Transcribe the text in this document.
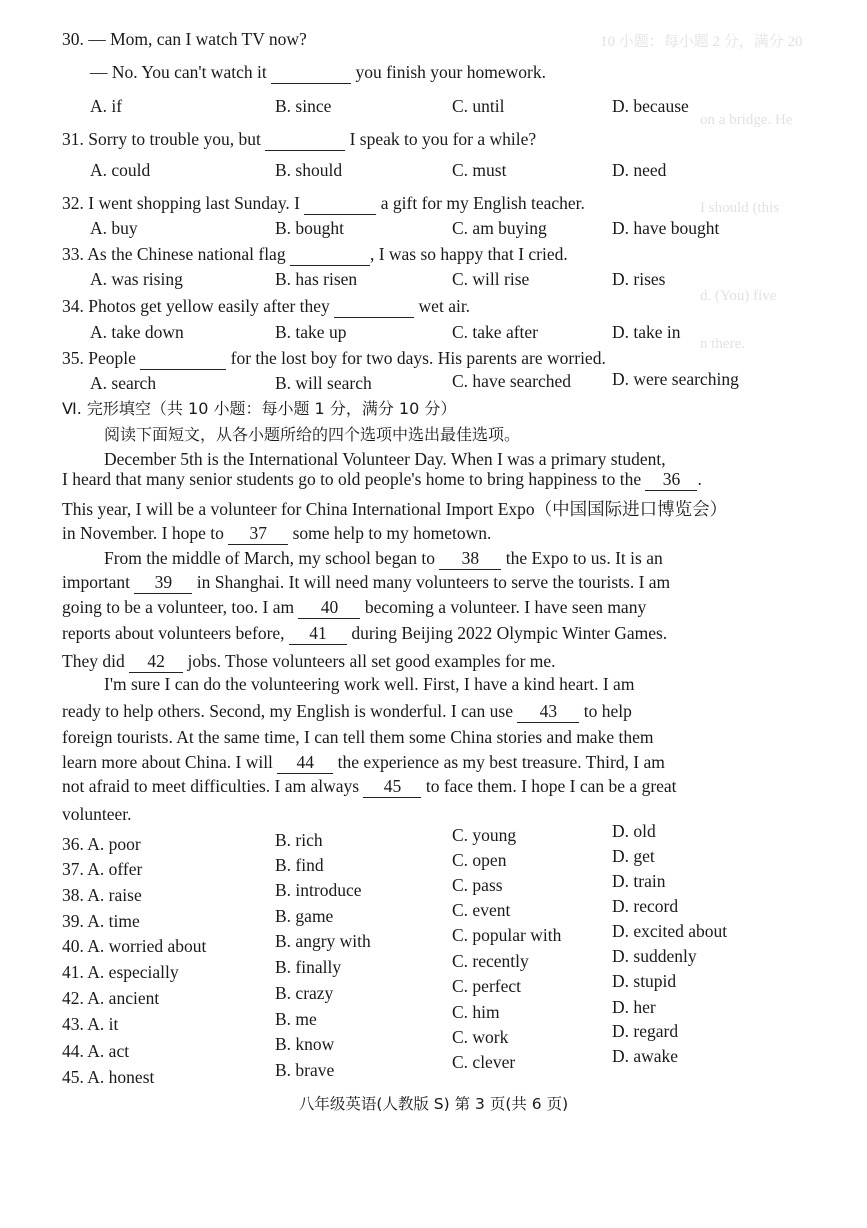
10 小题：每小题 2 分，满分 20
on a bridge. He
I should (this
d. (You) five
n there.
30. — Mom, can I watch TV now?
— No. You can't watch it	you finish your homework.
A. if	B. since	C. until	D. because
31. Sorry to trouble you, but	I speak to you for a while?
A. could	B. should	C. must	D. need
32. I went shopping last Sunday. I	a gift for my English teacher.
A. buy	B. bought	C. am buying	D. have bought
33. As the Chinese national flag	, I was so happy that I cried.
A. was rising	B. has risen	C. will rise	D. rises
34. Photos get yellow easily after they	wet air.
A. take down	B. take up	C. take after	D. take in
35. People	for the lost boy for two days. His parents are worried.
A. search	B. will search	C. have searched D. were searching
Ⅵ. 完形填空（共 10 小题：每小题 1 分，满分 10 分）
阅读下面短文，从各小题所给的四个选项中选出最佳选项。
December 5th is the International Volunteer Day. When I was a primary student,
I heard that many senior students go to old people's home to bring happiness to the 36 .
This year, I will be a volunteer for China International Import Expo（中国国际进口博览会）
in November. I hope to 37 some help to my hometown.
From the middle of March, my school began to 38 the Expo to us. It is an
important 39 in Shanghai. It will need many volunteers to serve the tourists. I am
going to be a volunteer, too. I am 40 becoming a volunteer. I have seen many
reports about volunteers before, 41 during Beijing 2022 Olympic Winter Games.
They did 42 jobs. Those volunteers all set good examples for me.
I'm sure I can do the volunteering work well. First, I have a kind heart. I am
ready to help others. Second, my English is wonderful. I can use 43 to help
foreign tourists. At the same time, I can tell them some China stories and make them
learn more about China. I will 44 the experience as my best treasure. Third, I am
not afraid to meet difficulties. I am always 45 to face them. I hope I can be a great
volunteer.
36. A. poor	B. rich	C. young	D. old
37. A. offer	B. find	C. open	D. get
38. A. raise	B. introduce	C. pass	D. train
39. A. time	B. game	C. event	D. record
40. A. worried about	B. angry with	C. popular with	D. excited about
41. A. especially	B. finally	C. recently	D. suddenly
42. A. ancient	B. crazy	C. perfect	D. stupid
43. A. it	B. me	C. him	D. her
44. A. act	B. know	C. work	D. regard
45. A. honest	B. brave	C. clever	D. awake
八年级英语(人教版 S) 第 3 页(共 6 页)
